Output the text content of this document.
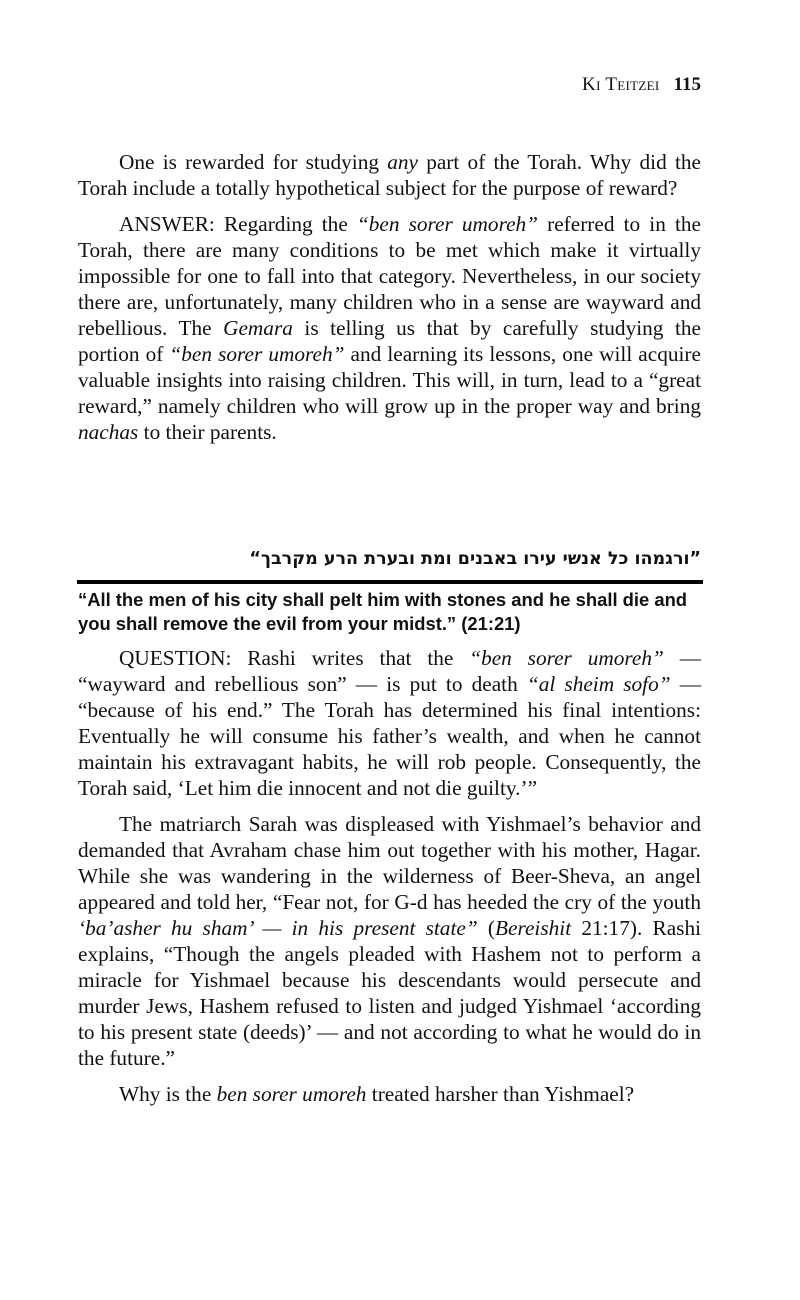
Ki Teitzei 115

One is rewarded for studying any part of the Torah. Why did the Torah include a totally hypothetical subject for the purpose of reward?

ANSWER: Regarding the “ben sorer umoreh” referred to in the Torah, there are many conditions to be met which make it virtually impossible for one to fall into that category. Nevertheless, in our society there are, unfortunately, many children who in a sense are wayward and rebellious. The Gemara is telling us that by carefully studying the portion of “ben sorer umoreh” and learning its lessons, one will acquire valuable insights into raising children. This will, in turn, lead to a “great reward,” namely children who will grow up in the proper way and bring nachas to their parents.

”ורגמהו כל אנשי עירו באבנים ומת ובערת הרע מקרבך“
“All the men of his city shall pelt him with stones and he shall die and you shall remove the evil from your midst.” (21:21)

QUESTION: Rashi writes that the “ben sorer umoreh” — “wayward and rebellious son” — is put to death “al sheim sofo” — “because of his end.” The Torah has determined his final intentions: Eventually he will consume his father’s wealth, and when he cannot maintain his extravagant habits, he will rob people. Consequently, the Torah said, ‘Let him die innocent and not die guilty.’”

The matriarch Sarah was displeased with Yishmael’s behavior and demanded that Avraham chase him out together with his mother, Hagar. While she was wandering in the wilderness of Beer-Sheva, an angel appeared and told her, “Fear not, for G-d has heeded the cry of the youth ‘ba’asher hu sham’ — in his present state” (Bereishit 21:17). Rashi explains, “Though the angels pleaded with Hashem not to perform a miracle for Yishmael because his descendants would persecute and murder Jews, Hashem refused to listen and judged Yishmael ‘according to his present state (deeds)’ — and not according to what he would do in the future.”

Why is the ben sorer umoreh treated harsher than Yishmael?
